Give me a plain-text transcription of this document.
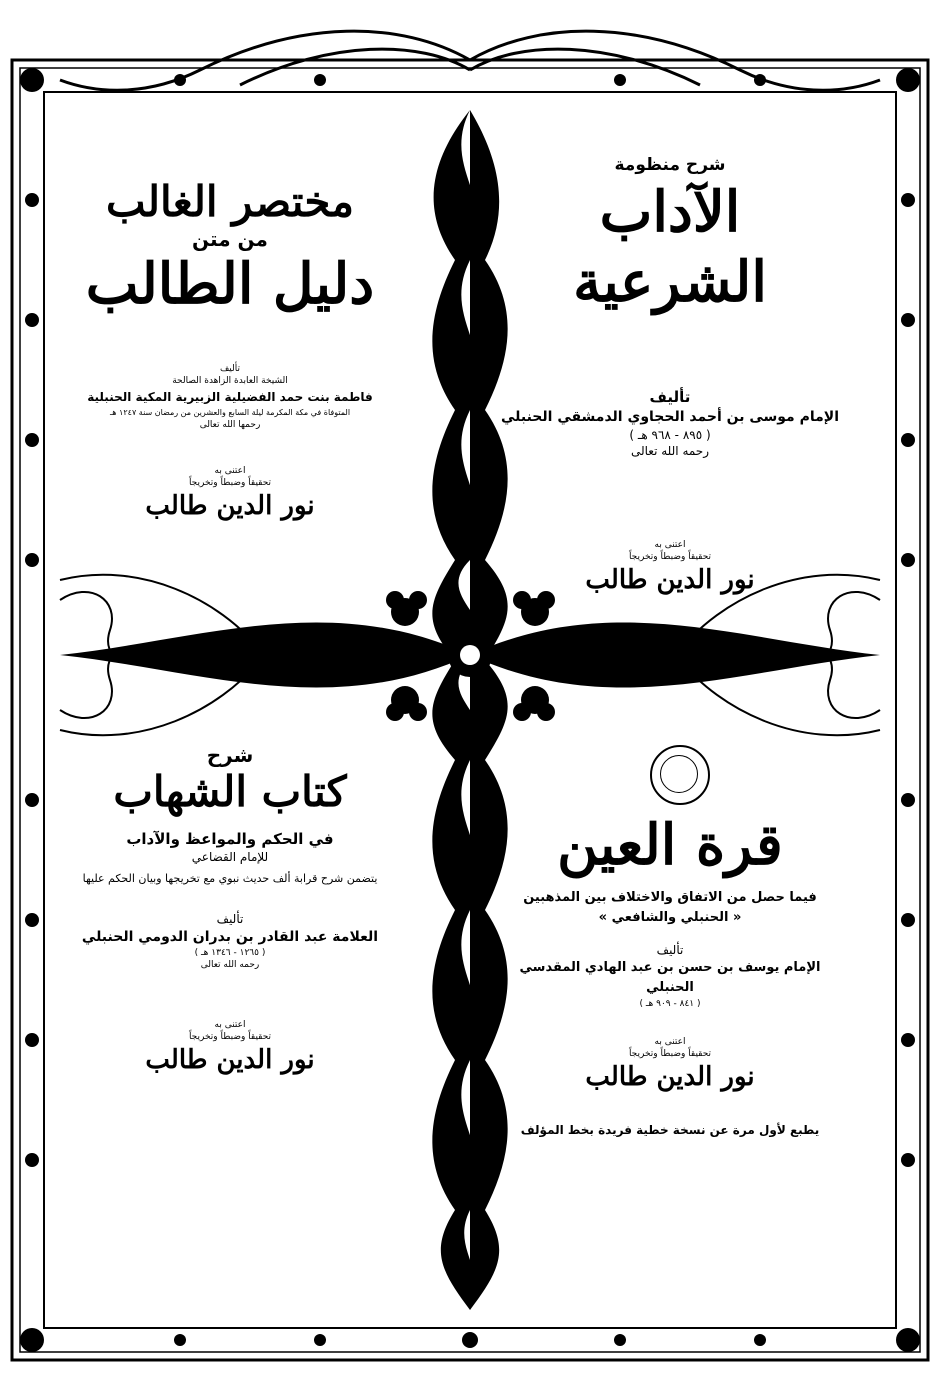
شرح منظومة
الآداب الشرعية
تأليف
الإمام موسى بن أحمد الحجاوي الدمشقي الحنبلي
( ٨٩٥ - ٩٦٨ هـ )
رحمه الله تعالى
اعتنى به
تحقيقاً وضبطاً وتخريجاً
نور الدين طالب
مختصر الغالب
من متن
دليل الطالب
تأليف
الشيخة العابدة الزاهدة الصالحة
فاطمة بنت حمد الفضيلية الزبيرية المكية الحنبلية
المتوفاة في مكة المكرمة ليلة السابع والعشرين من رمضان سنة ١٢٤٧ هـ
رحمها الله تعالى
اعتنى به
تحقيقاً وضبطاً وتخريجاً
نور الدين طالب
قرة العين
فيما حصل من الاتفاق والاختلاف بين المذهبين
« الحنبلي والشافعي »
تأليف
الإمام يوسف بن حسن بن عبد الهادي المقدسي الحنبلي
( ٨٤١ - ٩٠٩ هـ )
اعتنى به
تحقيقاً وضبطاً وتخريجاً
نور الدين طالب
يطبع لأول مرة عن نسخة خطية فريدة بخط المؤلف
شرح
كتاب الشهاب
في الحكم والمواعظ والآداب
للإمام القضاعي
يتضمن شرح قرابة ألف حديث نبوي مع تخريجها وبيان الحكم عليها
تأليف
العلامة عبد القادر بن بدران الدومي الحنبلي
( ١٢٦٥ - ١٣٤٦ هـ )
رحمه الله تعالى
اعتنى به
تحقيقاً وضبطاً وتخريجاً
نور الدين طالب
